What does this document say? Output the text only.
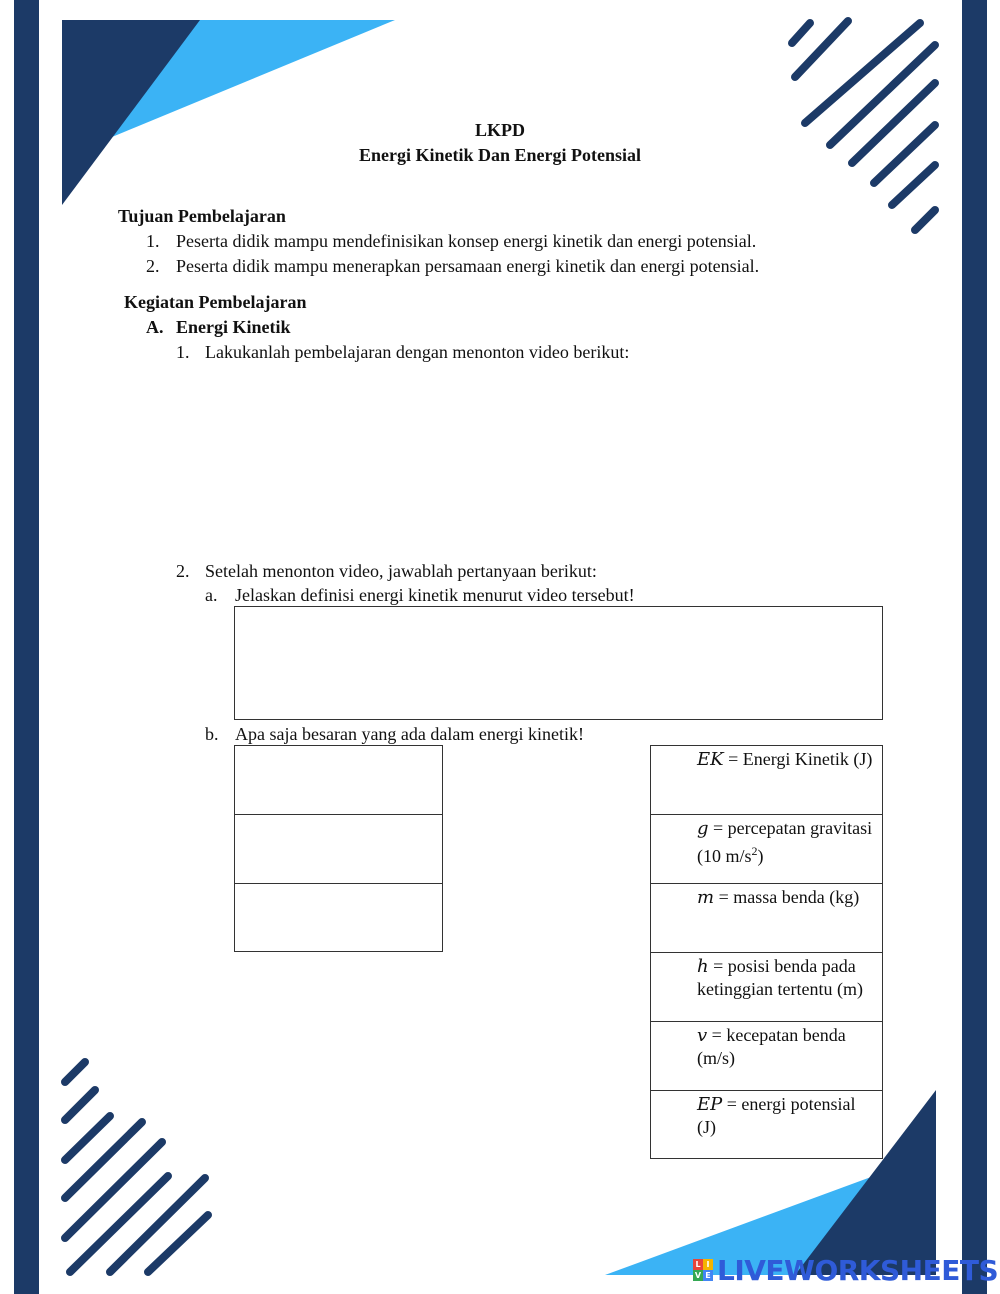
LKPD
Energi Kinetik Dan Energi Potensial
Tujuan Pembelajaran
1. Peserta didik mampu mendefinisikan konsep energi kinetik dan energi potensial.
2. Peserta didik mampu menerapkan persamaan energi kinetik dan energi potensial.
Kegiatan Pembelajaran
A. Energi Kinetik
1. Lakukanlah pembelajaran dengan menonton video berikut:
2. Setelah menonton video, jawablah pertanyaan berikut:
a. Jelaskan definisi energi kinetik menurut video tersebut!
b. Apa saja besaran yang ada dalam energi kinetik!
EK = Energi Kinetik (J)
g = percepatan gravitasi (10 $m/s^2$)
m = massa benda (kg)
h = posisi benda pada ketinggian tertentu (m)
v = kecepatan benda (m/s)
EP = energi potensial (J)
L I
V E LIVEWORKSHEETS
